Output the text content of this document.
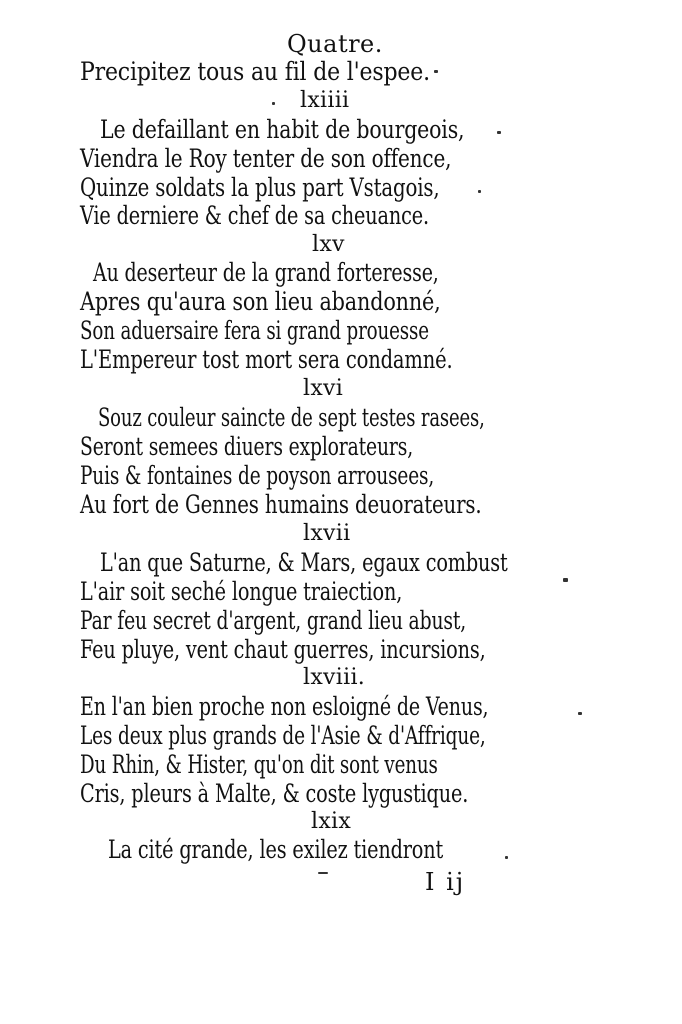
Quatre.
Precipitez tous au fil de l'espee.
lxiiii
Le defaillant en habit de bourgeois,
Viendra le Roy tenter de son offence,
Quinze soldats la plus part Vstagois,
Vie derniere & chef de sa cheuance.
lxv
Au deserteur de la grand forteresse,
Apres qu'aura son lieu abandonné,
Son aduersaire fera si grand prouesse
L'Empereur tost mort sera condamné.
lxvi
Souz couleur saincte de sept testes rasees,
Seront semees diuers explorateurs,
Puis & fontaines de poyson arrousees,
Au fort de Gennes humains deuorateurs.
lxvii
L'an que Saturne, & Mars, egaux combust
L'air soit seché longue traiection,
Par feu secret d'argent, grand lieu abust,
Feu pluye, vent chaut guerres, incursions,
lxviii.
En l'an bien proche non esloigné de Venus,
Les deux plus grands de l'Asie & d'Affrique,
Du Rhin, & Hister, qu'on dit sont venus
Cris, pleurs à Malte, & coste lygustique.
lxix
La cité grande, les exilez tiendront
I ij
